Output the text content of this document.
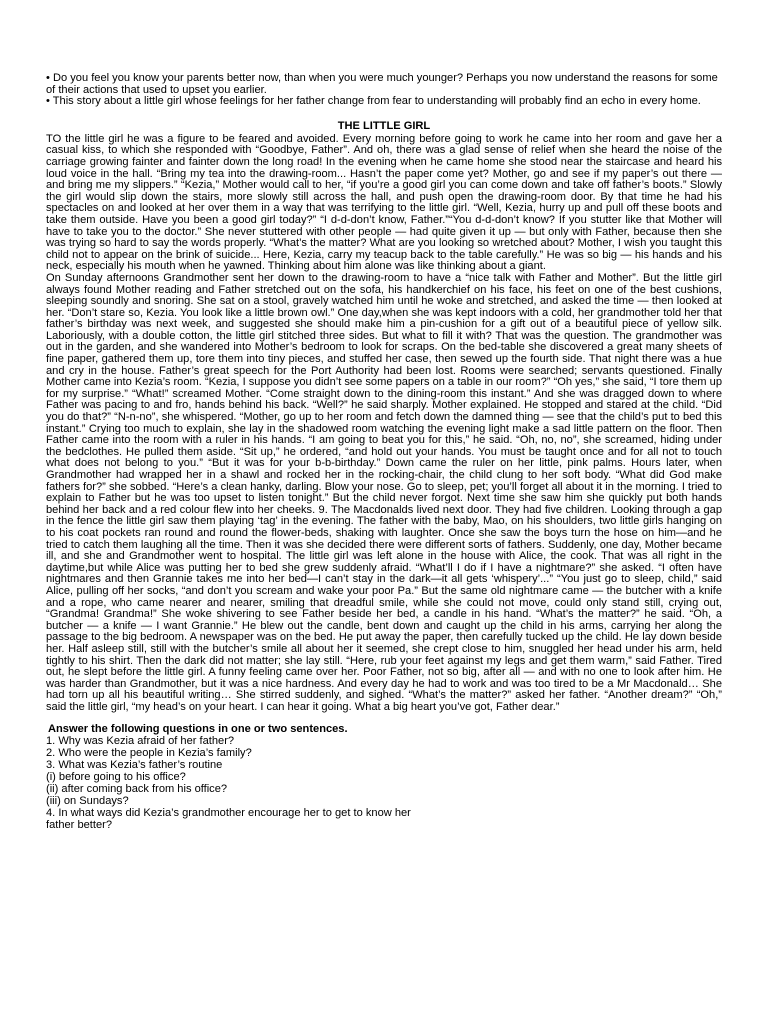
• Do you feel you know your parents better now, than when you were much younger? Perhaps you now understand the reasons for some of their actions that used to upset you earlier.

• This story about a little girl whose feelings for her father change from fear to understanding will probably find an echo in every home.

THE LITTLE GIRL

TO the little girl he was a figure to be feared and avoided. Every morning before going to work he came into her room and gave her a casual kiss, to which she responded with “Goodbye, Father”. And oh, there was a glad sense of relief when she heard the noise of the carriage growing fainter and fainter down the long road! In the evening when he came home she stood near the staircase and heard his loud voice in the hall. “Bring my tea into the drawing-room... Hasn’t the paper come yet? Mother, go and see if my paper’s out there — and bring me my slippers.” “Kezia,” Mother would call to her, “if you’re a good girl you can come down and take off father’s boots.” Slowly the girl would slip down the stairs, more slowly still across the hall, and push open the drawing-room door. By that time he had his spectacles on and looked at her over them in a way that was terrifying to the little girl. “Well, Kezia, hurry up and pull off these boots and take them outside. Have you been a good girl today?” “I d-d-don’t know, Father.”“You d-d-don’t know? If you stutter like that Mother will have to take you to the doctor.” She never stuttered with other people — had quite given it up — but only with Father, because then she was trying so hard to say the words properly. “What’s the matter? What are you looking so wretched about? Mother, I wish you taught this child not to appear on the brink of suicide... Here, Kezia, carry my teacup back to the table carefully.” He was so big — his hands and his neck, especially his mouth when he yawned. Thinking about him alone was like thinking about a giant.

On Sunday afternoons Grandmother sent her down to the drawing-room to have a “nice talk with Father and Mother”. But the little girl always found Mother reading and Father stretched out on the sofa, his handkerchief on his face, his feet on one of the best cushions, sleeping soundly and snoring. She sat on a stool, gravely watched him until he woke and stretched, and asked the time — then looked at her. “Don’t stare so, Kezia. You look like a little brown owl.” One day,when she was kept indoors with a cold, her grandmother told her that father’s birthday was next week, and suggested she should make him a pin-cushion for a gift out of a beautiful piece of yellow silk. Laboriously, with a double cotton, the little girl stitched three sides. But what to fill it with? That was the question. The grandmother was out in the garden, and she wandered into Mother’s bedroom to look for scraps. On the bed-table she discovered a great many sheets of fine paper, gathered them up, tore them into tiny pieces, and stuffed her case, then sewed up the fourth side. That night there was a hue and cry in the house. Father’s great speech for the Port Authority had been lost. Rooms were searched; servants questioned. Finally Mother came into Kezia’s room. “Kezia, I suppose you didn’t see some papers on a table in our room?” “Oh yes,” she said, “I tore them up for my surprise.” “What!” screamed Mother. “Come straight down to the dining-room this instant.” And she was dragged down to where Father was pacing to and fro, hands behind his back. “Well?” he said sharply. Mother explained. He stopped and stared at the child. “Did you do that?” “N-n-no”, she whispered. “Mother, go up to her room and fetch down the damned thing — see that the child’s put to bed this instant.” Crying too much to explain, she lay in the shadowed room watching the evening light make a sad little pattern on the floor. Then Father came into the room with a ruler in his hands. “I am going to beat you for this,” he said. “Oh, no, no”, she screamed, hiding under the bedclothes. He pulled them aside. “Sit up,” he ordered, “and hold out your hands. You must be taught once and for all not to touch what does not belong to you.” “But it was for your b-b-birthday.” Down came the ruler on her little, pink palms. Hours later, when Grandmother had wrapped her in a shawl and rocked her in the rocking-chair, the child clung to her soft body. “What did God make fathers for?” she sobbed. “Here’s a clean hanky, darling. Blow your nose. Go to sleep, pet; you’ll forget all about it in the morning. I tried to explain to Father but he was too upset to listen tonight.” But the child never forgot. Next time she saw him she quickly put both hands behind her back and a red colour flew into her cheeks. 9. The Macdonalds lived next door. They had five children. Looking through a gap in the fence the little girl saw them playing ‘tag’ in the evening. The father with the baby, Mao, on his shoulders, two little girls hanging on to his coat pockets ran round and round the flower-beds, shaking with laughter. Once she saw the boys turn the hose on him—and he tried to catch them laughing all the time. Then it was she decided there were different sorts of fathers. Suddenly, one day, Mother became ill, and she and Grandmother went to hospital. The little girl was left alone in the house with Alice, the cook. That was all right in the daytime,but while Alice was putting her to bed she grew suddenly afraid. “What’ll I do if I have a nightmare?” she asked. “I often have nightmares and then Grannie takes me into her bed—I can’t stay in the dark—it all gets ‘whispery’...” “You just go to sleep, child,” said Alice, pulling off her socks, “and don’t you scream and wake your poor Pa.” But the same old nightmare came — the butcher with a knife and a rope, who came nearer and nearer, smiling that dreadful smile, while she could not move, could only stand still, crying out, “Grandma! Grandma!” She woke shivering to see Father beside her bed, a candle in his hand. “What’s the matter?” he said. “Oh, a butcher — a knife — I want Grannie.” He blew out the candle, bent down and caught up the child in his arms, carrying her along the passage to the big bedroom. A newspaper was on the bed. He put away the paper, then carefully tucked up the child. He lay down beside her. Half asleep still, still with the butcher’s smile all about her it seemed, she crept close to him, snuggled her head under his arm, held tightly to his shirt. Then the dark did not matter; she lay still. “Here, rub your feet against my legs and get them warm,” said Father. Tired out, he slept before the little girl. A funny feeling came over her. Poor Father, not so big, after all — and with no one to look after him. He was harder than Grandmother, but it was a nice hardness. And every day he had to work and was too tired to be a Mr Macdonald… She had torn up all his beautiful writing… She stirred suddenly, and sighed. “What’s the matter?” asked her father. “Another dream?” “Oh,” said the little girl, “my head’s on your heart. I can hear it going. What a big heart you’ve got, Father dear.”

Answer the following questions in one or two sentences.

1. Why was Kezia afraid of her father?

2. Who were the people in Kezia’s family?

3. What was Kezia’s father’s routine

(i) before going to his office?

(ii) after coming back from his office?

(iii) on Sundays?

4. In what ways did Kezia’s grandmother encourage her to get to know her

father better?
